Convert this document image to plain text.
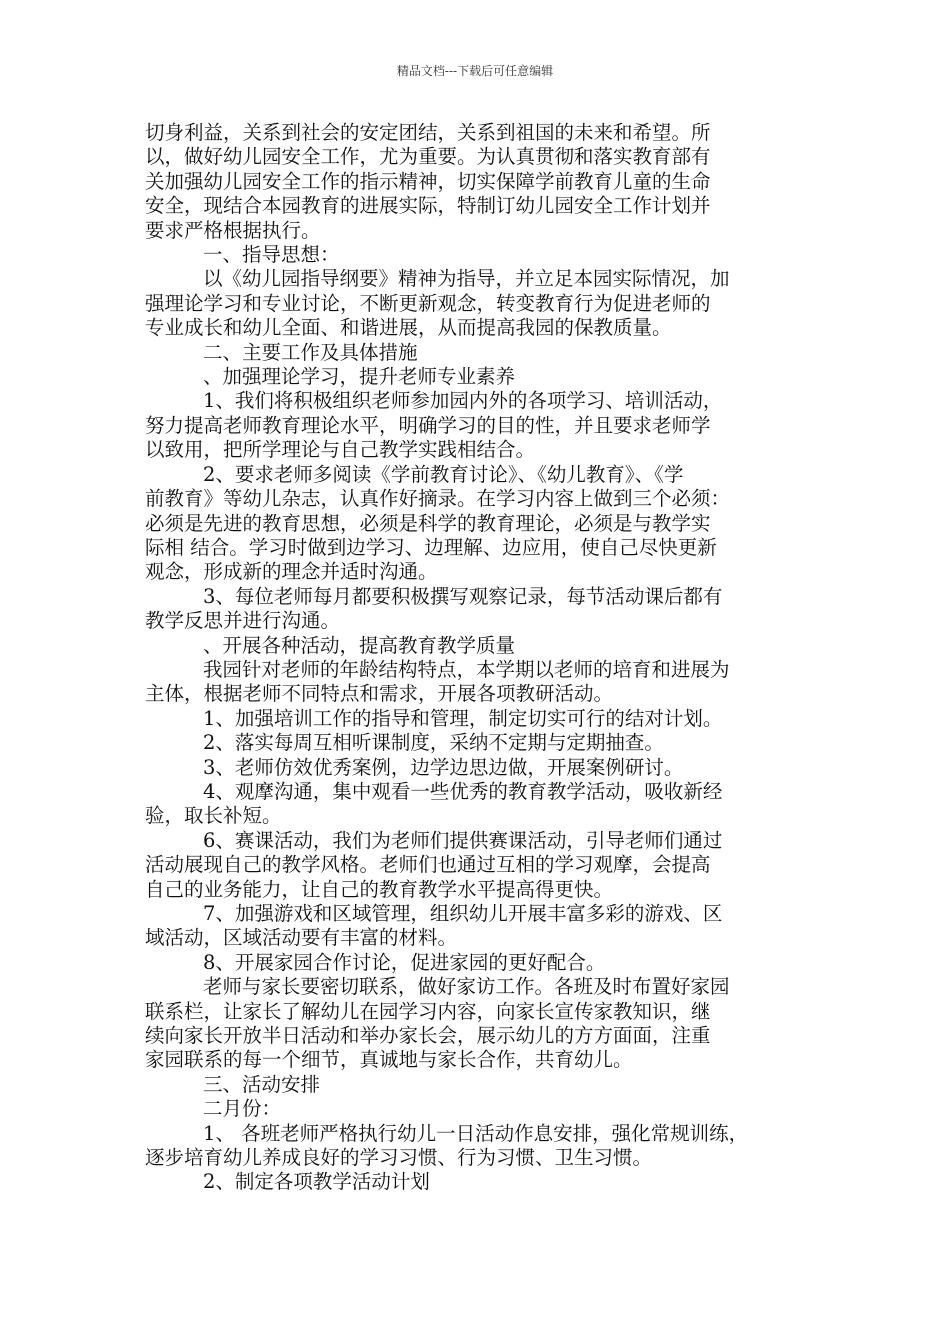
精品文档---下载后可任意编辑
切身利益，关系到社会的安定团结，关系到祖国的未来和希望。所
以，做好幼儿园安全工作，尤为重要。为认真贯彻和落实教育部有
关加强幼儿园安全工作的指示精神，切实保障学前教育儿童的生命
安全，现结合本园教育的进展实际，特制订幼儿园安全工作计划并
要求严格根据执行。
一、指导思想：
以《幼儿园指导纲要》精神为指导，并立足本园实际情况，加
强理论学习和专业讨论，不断更新观念，转变教育行为促进老师的
专业成长和幼儿全面、和谐进展，从而提高我园的保教质量。
二、主要工作及具体措施
、加强理论学习，提升老师专业素养
1、我们将积极组织老师参加园内外的各项学习、培训活动，
努力提高老师教育理论水平，明确学习的目的性，并且要求老师学
以致用，把所学理论与自己教学实践相结合。
2、要求老师多阅读《学前教育讨论》、《幼儿教育》、《学
前教育》等幼儿杂志，认真作好摘录。在学习内容上做到三个必须：
必须是先进的教育思想，必须是科学的教育理论，必须是与教学实
际相 结合。学习时做到边学习、边理解、边应用，使自己尽快更新
观念，形成新的理念并适时沟通。
3、每位老师每月都要积极撰写观察记录，每节活动课后都有
教学反思并进行沟通。
、开展各种活动，提高教育教学质量
我园针对老师的年龄结构特点，本学期以老师的培育和进展为
主体，根据老师不同特点和需求，开展各项教研活动。
1、加强培训工作的指导和管理，制定切实可行的结对计划。
2、落实每周互相听课制度，采纳不定期与定期抽查。
3、老师仿效优秀案例，边学边思边做，开展案例研讨。
4、观摩沟通，集中观看一些优秀的教育教学活动，吸收新经
验，取长补短。
6、赛课活动，我们为老师们提供赛课活动，引导老师们通过
活动展现自己的教学风格。老师们也通过互相的学习观摩，会提高
自己的业务能力，让自己的教育教学水平提高得更快。
7、加强游戏和区域管理，组织幼儿开展丰富多彩的游戏、区
域活动，区域活动要有丰富的材料。
8、开展家园合作讨论，促进家园的更好配合。
老师与家长要密切联系，做好家访工作。各班及时布置好家园
联系栏，让家长了解幼儿在园学习内容，向家长宣传家教知识，继
续向家长开放半日活动和举办家长会，展示幼儿的方方面面，注重
家园联系的每一个细节，真诚地与家长合作，共育幼儿。
三、活动安排
二月份：
1、 各班老师严格执行幼儿一日活动作息安排，强化常规训练，
逐步培育幼儿养成良好的学习习惯、行为习惯、卫生习惯。
2、制定各项教学活动计划
